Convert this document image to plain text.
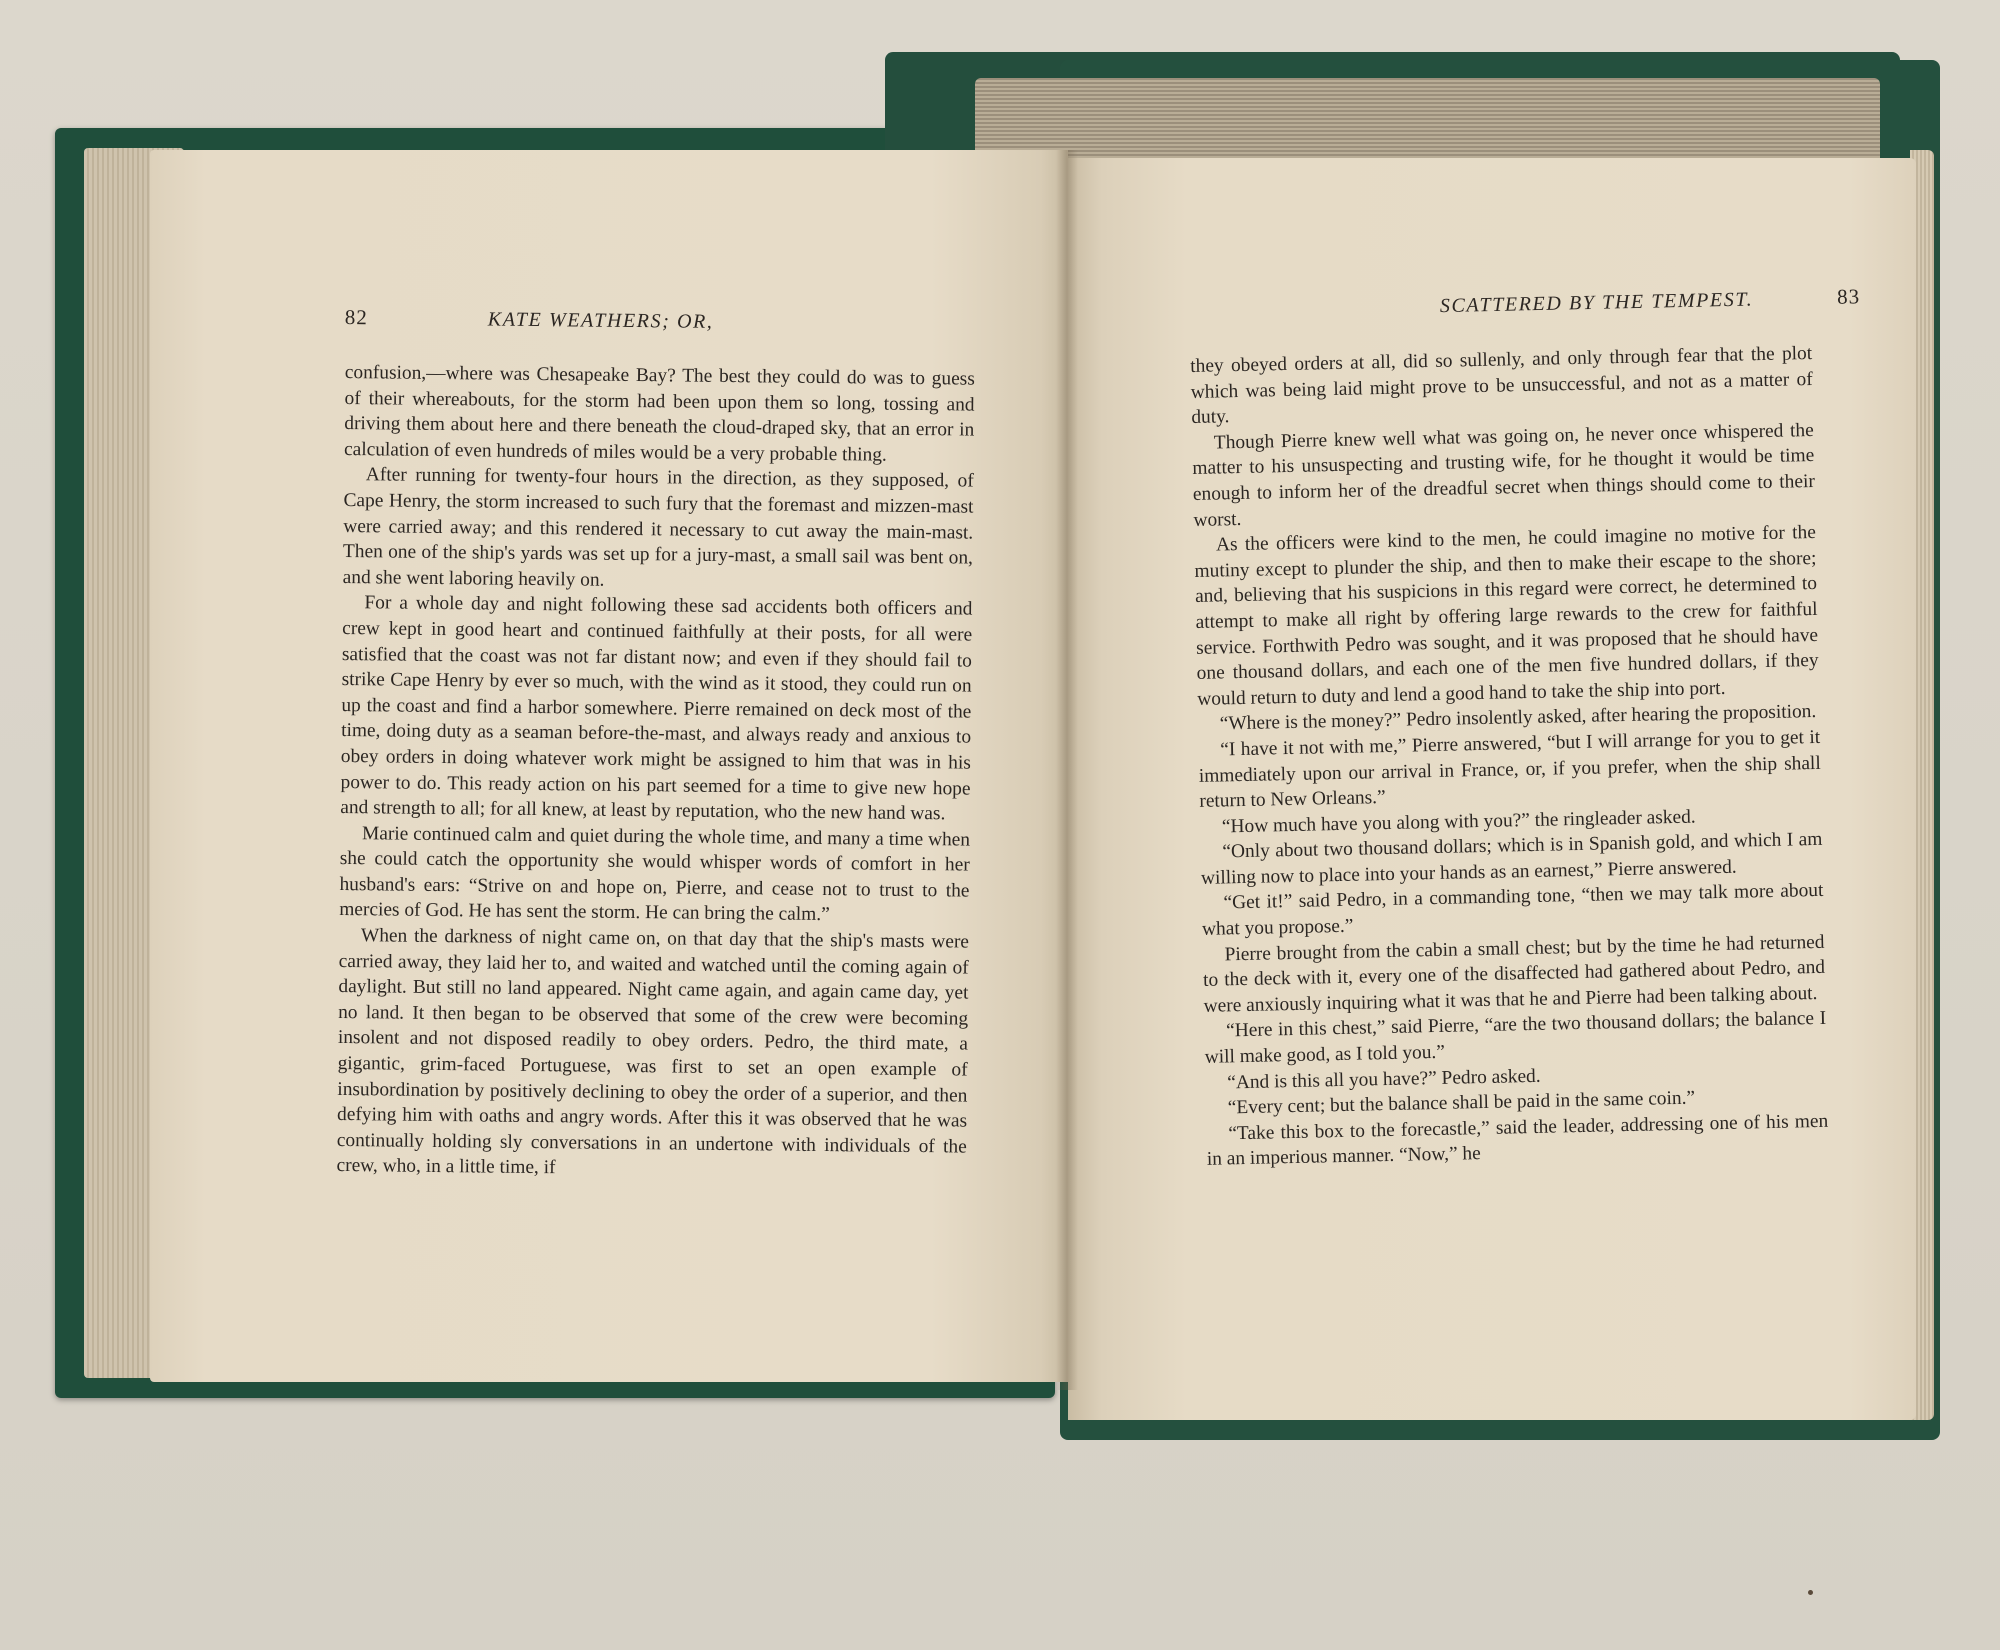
82	KATE WEATHERS; OR,

confusion,—where was Chesapeake Bay? The best they could do was to guess of their whereabouts, for the storm had been upon them so long, tossing and driving them about here and there beneath the cloud-draped sky, that an error in calculation of even hundreds of miles would be a very probable thing.

After running for twenty-four hours in the direction, as they supposed, of Cape Henry, the storm increased to such fury that the foremast and mizzen-mast were carried away; and this rendered it necessary to cut away the main-mast. Then one of the ship's yards was set up for a jury-mast, a small sail was bent on, and she went laboring heavily on.

For a whole day and night following these sad accidents both officers and crew kept in good heart and continued faithfully at their posts, for all were satisfied that the coast was not far distant now; and even if they should fail to strike Cape Henry by ever so much, with the wind as it stood, they could run on up the coast and find a harbor somewhere. Pierre remained on deck most of the time, doing duty as a seaman before-the-mast, and always ready and anxious to obey orders in doing whatever work might be assigned to him that was in his power to do. This ready action on his part seemed for a time to give new hope and strength to all; for all knew, at least by reputation, who the new hand was.

Marie continued calm and quiet during the whole time, and many a time when she could catch the opportunity she would whisper words of comfort in her husband's ears: “Strive on and hope on, Pierre, and cease not to trust to the mercies of God. He has sent the storm. He can bring the calm.”

When the darkness of night came on, on that day that the ship's masts were carried away, they laid her to, and waited and watched until the coming again of daylight. But still no land appeared. Night came again, and again came day, yet no land. It then began to be observed that some of the crew were becoming insolent and not disposed readily to obey orders. Pedro, the third mate, a gigantic, grim-faced Portuguese, was first to set an open example of insubordination by positively declining to obey the order of a superior, and then defying him with oaths and angry words. After this it was observed that he was continually holding sly conversations in an undertone with individuals of the crew, who, in a little time, if

SCATTERED BY THE TEMPEST.	83

they obeyed orders at all, did so sullenly, and only through fear that the plot which was being laid might prove to be unsuccessful, and not as a matter of duty.

Though Pierre knew well what was going on, he never once whispered the matter to his unsuspecting and trusting wife, for he thought it would be time enough to inform her of the dreadful secret when things should come to their worst.

As the officers were kind to the men, he could imagine no motive for the mutiny except to plunder the ship, and then to make their escape to the shore; and, believing that his suspicions in this regard were correct, he determined to attempt to make all right by offering large rewards to the crew for faithful service. Forthwith Pedro was sought, and it was proposed that he should have one thousand dollars, and each one of the men five hundred dollars, if they would return to duty and lend a good hand to take the ship into port.

“Where is the money?” Pedro insolently asked, after hearing the proposition.

“I have it not with me,” Pierre answered, “but I will arrange for you to get it immediately upon our arrival in France, or, if you prefer, when the ship shall return to New Orleans.”

“How much have you along with you?” the ringleader asked.

“Only about two thousand dollars; which is in Spanish gold, and which I am willing now to place into your hands as an earnest,” Pierre answered.

“Get it!” said Pedro, in a commanding tone, “then we may talk more about what you propose.”

Pierre brought from the cabin a small chest; but by the time he had returned to the deck with it, every one of the disaffected had gathered about Pedro, and were anxiously inquiring what it was that he and Pierre had been talking about.

“Here in this chest,” said Pierre, “are the two thousand dollars; the balance I will make good, as I told you.”

“And is this all you have?” Pedro asked.

“Every cent; but the balance shall be paid in the same coin.”

“Take this box to the forecastle,” said the leader, addressing one of his men in an imperious manner. “Now,” he
